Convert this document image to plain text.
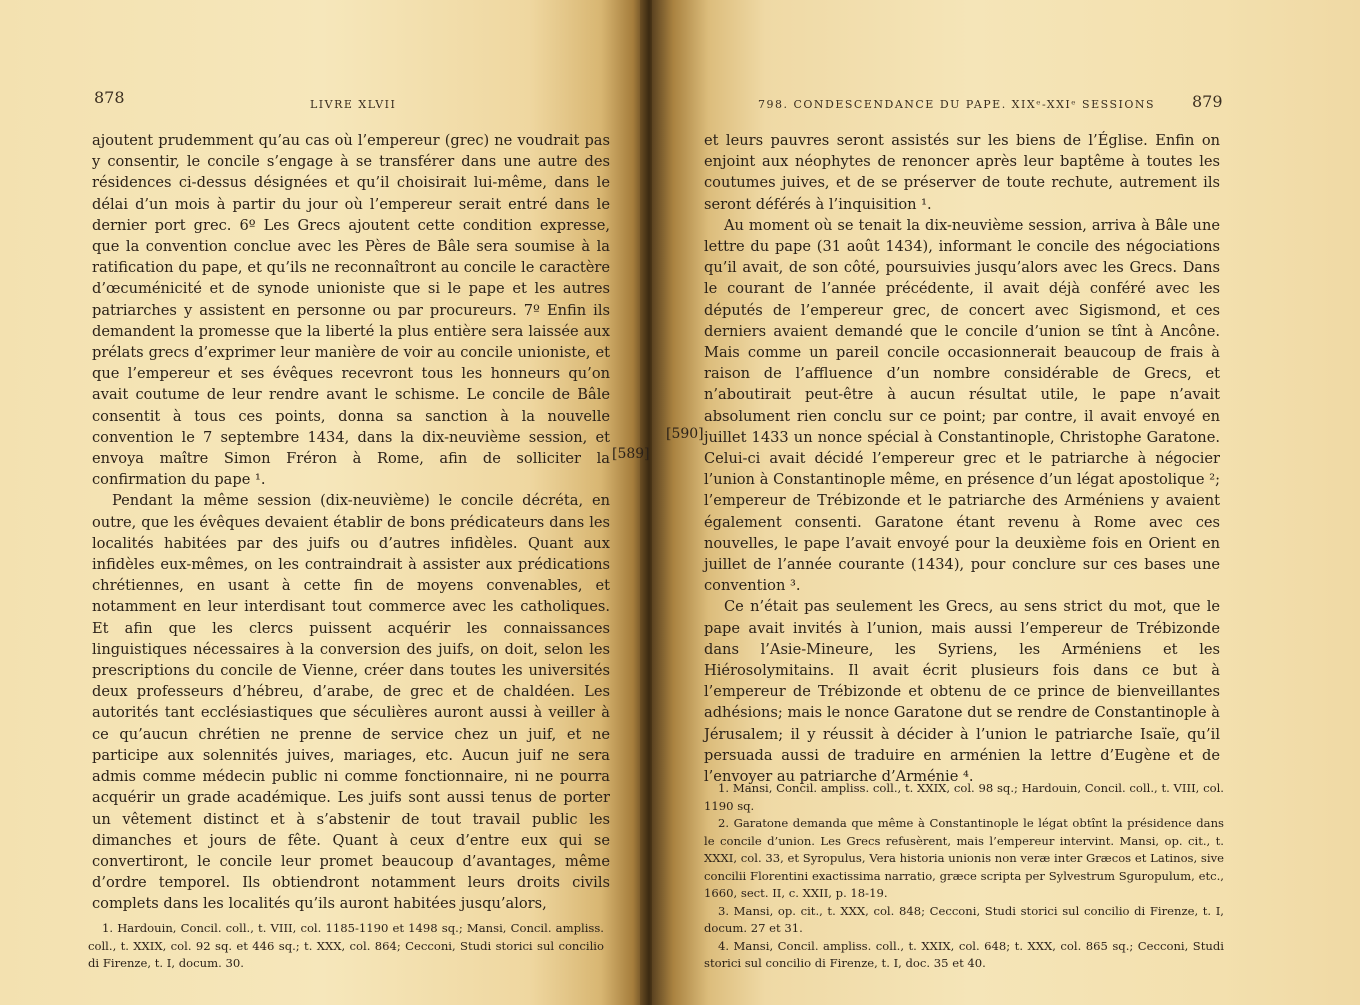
878	LIVRE XLVII

ajoutent prudemment qu’au cas où l’empereur (grec) ne voudrait pas y consentir, le concile s’engage à se transférer dans une autre des résidences ci-dessus désignées et qu’il choisirait lui-même, dans le délai d’un mois à partir du jour où l’empereur serait entré dans le dernier port grec. 6º Les Grecs ajoutent cette condition expresse, que la convention conclue avec les Pères de Bâle sera soumise à la ratification du pape, et qu’ils ne reconnaîtront au concile le caractère d’œcuménicité et de synode unioniste que si le pape et les autres patriarches y assistent en personne ou par procureurs. 7º Enfin ils demandent la promesse que la liberté la plus entière sera laissée aux prélats grecs d’exprimer leur manière de voir au concile unioniste, et que l’empereur et ses évêques recevront tous les honneurs qu’on avait coutume de leur rendre avant le schisme. Le concile de Bâle consentit à tous ces points, donna sa sanction à la nouvelle convention le 7 septembre 1434, dans la dix-neuvième session, et envoya maître Simon Fréron à Rome, afin de solliciter la confirmation du pape ¹.

Pendant la même session (dix-neuvième) le concile décréta, en outre, que les évêques devaient établir de bons prédicateurs dans les localités habitées par des juifs ou d’autres infidèles. Quant aux infidèles eux-mêmes, on les contraindrait à assister aux prédications chrétiennes, en usant à cette fin de moyens convenables, et notamment en leur interdisant tout commerce avec les catholiques. Et afin que les clercs puissent acquérir les connaissances linguistiques nécessaires à la conversion des juifs, on doit, selon les prescriptions du concile de Vienne, créer dans toutes les universités deux professeurs d’hébreu, d’arabe, de grec et de chaldéen. Les autorités tant ecclésiastiques que séculières auront aussi à veiller à ce qu’aucun chrétien ne prenne de service chez un juif, et ne participe aux solennités juives, mariages, etc. Aucun juif ne sera admis comme médecin public ni comme fonctionnaire, ni ne pourra acquérir un grade académique. Les juifs sont aussi tenus de porter un vêtement distinct et à s’abstenir de tout travail public les dimanches et jours de fête. Quant à ceux d’entre eux qui se convertiront, le concile leur promet beaucoup d’avantages, même d’ordre temporel. Ils obtiendront notamment leurs droits civils complets dans les localités qu’ils auront habitées jusqu’alors,

1. Hardouin, Concil. coll., t. VIII, col. 1185-1190 et 1498 sq.; Mansi, Concil. ampliss. coll., t. XXIX, col. 92 sq. et 446 sq.; t. XXX, col. 864; Cecconi, Studi storici sul concilio di Firenze, t. I, docum. 30.

[589]
798. CONDESCENDANCE DU PAPE. XIXᵉ-XXIᵉ SESSIONS 879
[590]

et leurs pauvres seront assistés sur les biens de l’Église. Enfin on enjoint aux néophytes de renoncer après leur baptême à toutes les coutumes juives, et de se préserver de toute rechute, autrement ils seront déférés à l’inquisition ¹.

Au moment où se tenait la dix-neuvième session, arriva à Bâle une lettre du pape (31 août 1434), informant le concile des négociations qu’il avait, de son côté, poursuivies jusqu’alors avec les Grecs. Dans le courant de l’année précédente, il avait déjà conféré avec les députés de l’empereur grec, de concert avec Sigismond, et ces derniers avaient demandé que le concile d’union se tînt à Ancône. Mais comme un pareil concile occasionnerait beaucoup de frais à raison de l’affluence d’un nombre considérable de Grecs, et n’aboutirait peut-être à aucun résultat utile, le pape n’avait absolument rien conclu sur ce point; par contre, il avait envoyé en juillet 1433 un nonce spécial à Constantinople, Christophe Garatone. Celui-ci avait décidé l’empereur grec et le patriarche à négocier l’union à Constantinople même, en présence d’un légat apostolique ²; l’empereur de Trébizonde et le patriarche des Arméniens y avaient également consenti. Garatone étant revenu à Rome avec ces nouvelles, le pape l’avait envoyé pour la deuxième fois en Orient en juillet de l’année courante (1434), pour conclure sur ces bases une convention ³.

Ce n’était pas seulement les Grecs, au sens strict du mot, que le pape avait invités à l’union, mais aussi l’empereur de Trébizonde dans l’Asie-Mineure, les Syriens, les Arméniens et les Hiérosolymitains. Il avait écrit plusieurs fois dans ce but à l’empereur de Trébizonde et obtenu de ce prince de bienveillantes adhésions; mais le nonce Garatone dut se rendre de Constantinople à Jérusalem; il y réussit à décider à l’union le patriarche Isaïe, qu’il persuada aussi de traduire en arménien la lettre d’Eugène et de l’envoyer au patriarche d’Arménie ⁴.

1. Mansi, Concil. ampliss. coll., t. XXIX, col. 98 sq.; Hardouin, Concil. coll., t. VIII, col. 1190 sq.

2. Garatone demanda que même à Constantinople le légat obtînt la présidence dans le concile d’union. Les Grecs refusèrent, mais l’empereur intervint. Mansi, op. cit., t. XXXI, col. 33, et Syropulus, Vera historia unionis non veræ inter Græcos et Latinos, sive concilii Florentini exactissima narratio, græce scripta per Sylvestrum Sguropulum, etc., 1660, sect. II, c. XXII, p. 18-19.

3. Mansi, op. cit., t. XXX, col. 848; Cecconi, Studi storici sul concilio di Firenze, t. I, docum. 27 et 31.

4. Mansi, Concil. ampliss. coll., t. XXIX, col. 648; t. XXX, col. 865 sq.; Cecconi, Studi storici sul concilio di Firenze, t. I, doc. 35 et 40.
